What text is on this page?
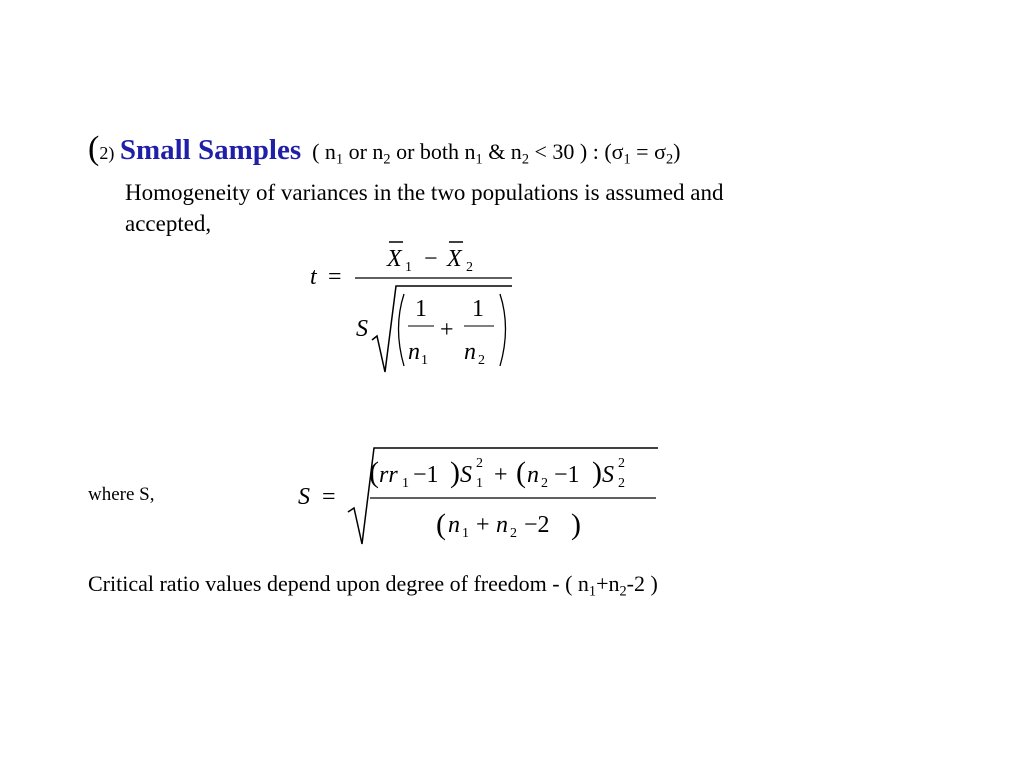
(2) Small Samples ( $n_1$ or $n_2$ or both $n_1$ & $n_2 < 30$ ) : $(\sigma_1 = \sigma_2)$
Homogeneity of variances in the two populations is assumed and
accepted,
t =
X 1 − X 2
S
1
n 1
+
1
n 2
where S,	S =
( rr 1 −1 ) S 2
1 + ( n 2 −1 ) S 2
2
( n 1 + n 2 −2 )
Critical ratio values depend upon degree of freedom - ( $n_1+n_2-2$ )
